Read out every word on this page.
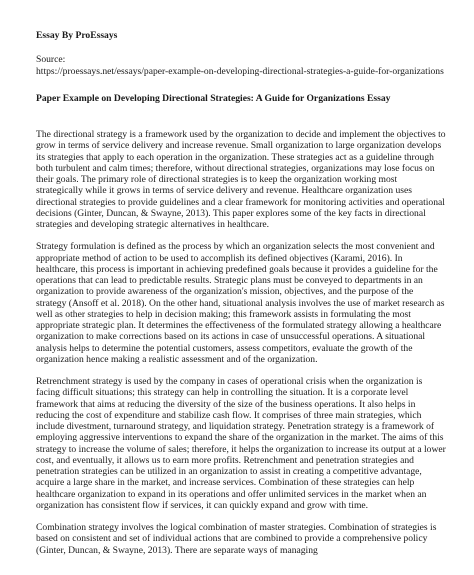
Essay By ProEssays

Source:

https://proessays.net/essays/paper-example-on-developing-directional-strategies-a-guide-for-organizations

Paper Example on Developing Directional Strategies: A Guide for Organizations Essay

The directional strategy is a framework used by the organization to decide and implement the objectives to grow in terms of service delivery and increase revenue. Small organization to large organization develops its strategies that apply to each operation in the organization. These strategies act as a guideline through both turbulent and calm times; therefore, without directional strategies, organizations may lose focus on their goals. The primary role of directional strategies is to keep the organization working most strategically while it grows in terms of service delivery and revenue. Healthcare organization uses directional strategies to provide guidelines and a clear framework for monitoring activities and operational decisions (Ginter, Duncan, & Swayne, 2013). This paper explores some of the key facts in directional strategies and developing strategic alternatives in healthcare.

Strategy formulation is defined as the process by which an organization selects the most convenient and appropriate method of action to be used to accomplish its defined objectives (Karami, 2016). In healthcare, this process is important in achieving predefined goals because it provides a guideline for the operations that can lead to predictable results. Strategic plans must be conveyed to departments in an organization to provide awareness of the organization's mission, objectives, and the purpose of the strategy (Ansoff et al. 2018). On the other hand, situational analysis involves the use of market research as well as other strategies to help in decision making; this framework assists in formulating the most appropriate strategic plan. It determines the effectiveness of the formulated strategy allowing a healthcare organization to make corrections based on its actions in case of unsuccessful operations. A situational analysis helps to determine the potential customers, assess competitors, evaluate the growth of the organization hence making a realistic assessment and of the organization.

Retrenchment strategy is used by the company in cases of operational crisis when the organization is facing difficult situations; this strategy can help in controlling the situation. It is a corporate level framework that aims at reducing the diversity of the size of the business operations. It also helps in reducing the cost of expenditure and stabilize cash flow. It comprises of three main strategies, which include divestment, turnaround strategy, and liquidation strategy. Penetration strategy is a framework of employing aggressive interventions to expand the share of the organization in the market. The aims of this strategy to increase the volume of sales; therefore, it helps the organization to increase its output at a lower cost, and eventually, it allows us to earn more profits. Retrenchment and penetration strategies and penetration strategies can be utilized in an organization to assist in creating a competitive advantage, acquire a large share in the market, and increase services. Combination of these strategies can help healthcare organization to expand in its operations and offer unlimited services in the market when an organization has consistent flow if services, it can quickly expand and grow with time.

Combination strategy involves the logical combination of master strategies. Combination of strategies is based on consistent and set of individual actions that are combined to provide a comprehensive policy (Ginter, Duncan, & Swayne, 2013). There are separate ways of managing
